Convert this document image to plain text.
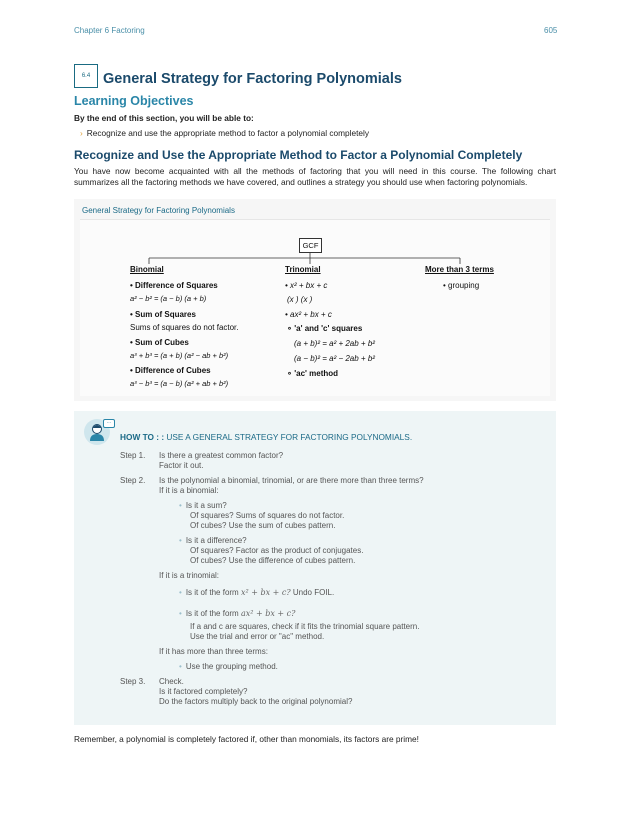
Chapter 6 Factoring	605
6.4 General Strategy for Factoring Polynomials
Learning Objectives
By the end of this section, you will be able to:
› Recognize and use the appropriate method to factor a polynomial completely
Recognize and Use the Appropriate Method to Factor a Polynomial Completely
You have now become acquainted with all the methods of factoring that you will need in this course. The following chart summarizes all the factoring methods we have covered, and outlines a strategy you should use when factoring polynomials.
General Strategy for Factoring Polynomials
GCF
Binomial	Trinomial	More than 3 terms
• Difference of Squares
a² − b² = (a − b) (a + b)
• Sum of Squares
Sums of squares do not factor.
• Sum of Cubes
a³ + b³ = (a + b) (a² − ab + b²)
• Difference of Cubes
a³ − b³ = (a − b) (a² + ab + b²)
• x² + bx + c
(x ) (x )
• ax² + bx + c
∘ 'a' and 'c' squares
(a + b)² = a² + 2ab + b²
(a − b)² = a² − 2ab + b²
∘ 'ac' method
• grouping
...
HOW TO : : USE A GENERAL STRATEGY FOR FACTORING POLYNOMIALS.
Step 1. Is there a greatest common factor?
Factor it out.
Step 2. Is the polynomial a binomial, trinomial, or are there more than three terms?
If it is a binomial:
• Is it a sum?
Of squares? Sums of squares do not factor.
Of cubes? Use the sum of cubes pattern.
• Is it a difference?
Of squares? Factor as the product of conjugates.
Of cubes? Use the difference of cubes pattern.
If it is a trinomial:
• Is it of the form x² + bx + c? Undo FOIL.
• Is it of the form ax² + bx + c?
If a and c are squares, check if it fits the trinomial square pattern.
Use the trial and error or "ac" method.
If it has more than three terms:
• Use the grouping method.
Step 3. Check.
Is it factored completely?
Do the factors multiply back to the original polynomial?
Remember, a polynomial is completely factored if, other than monomials, its factors are prime!
